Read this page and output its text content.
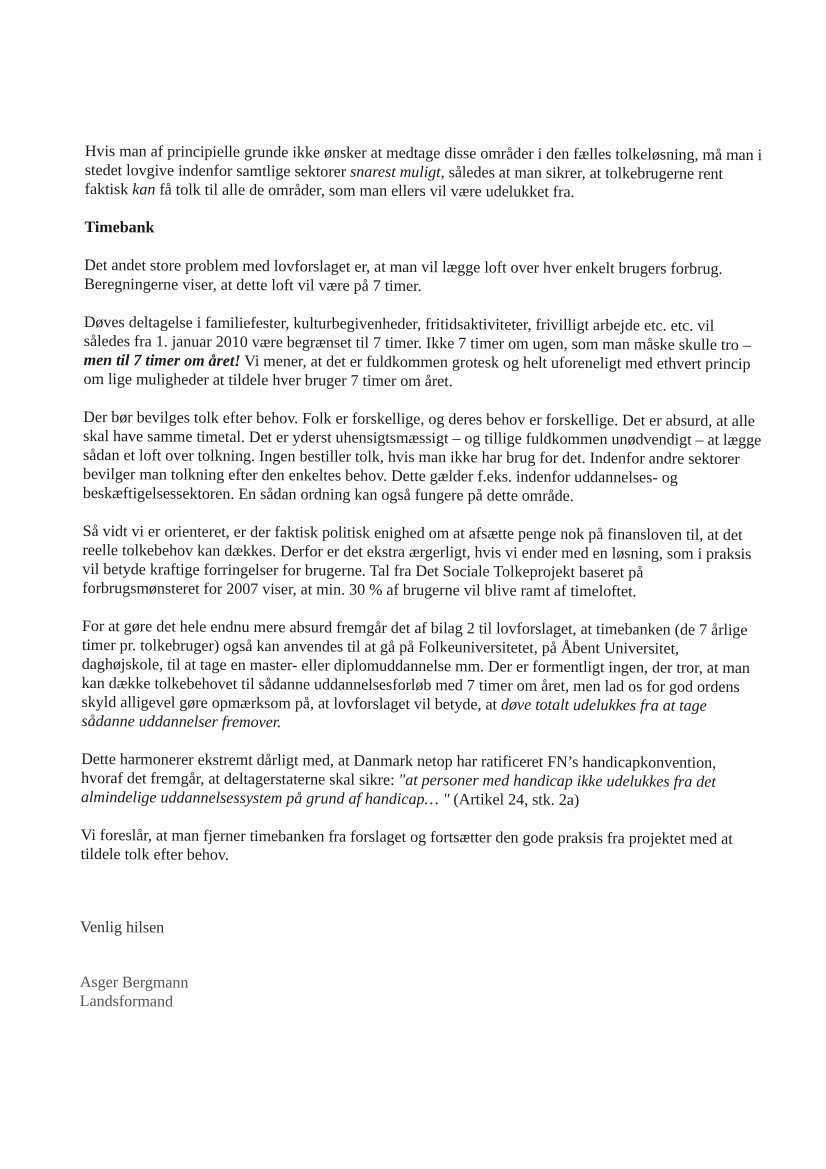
Hvis man af principielle grunde ikke ønsker at medtage disse områder i den fælles tolkeløsning, må man i stedet lovgive indenfor samtlige sektorer snarest muligt, således at man sikrer, at tolkebrugerne rent faktisk kan få tolk til alle de områder, som man ellers vil være udelukket fra.

Timebank

Det andet store problem med lovforslaget er, at man vil lægge loft over hver enkelt brugers forbrug. Beregningerne viser, at dette loft vil være på 7 timer.

Døves deltagelse i familiefester, kulturbegivenheder, fritidsaktiviteter, frivilligt arbejde etc. etc. vil således fra 1. januar 2010 være begrænset til 7 timer. Ikke 7 timer om ugen, som man måske skulle tro – men til 7 timer om året! Vi mener, at det er fuldkommen grotesk og helt uforeneligt med ethvert princip om lige muligheder at tildele hver bruger 7 timer om året.

Der bør bevilges tolk efter behov. Folk er forskellige, og deres behov er forskellige. Det er absurd, at alle skal have samme timetal. Det er yderst uhensigtsmæssigt – og tillige fuldkommen unødvendigt – at lægge sådan et loft over tolkning. Ingen bestiller tolk, hvis man ikke har brug for det. Indenfor andre sektorer bevilger man tolkning efter den enkeltes behov. Dette gælder f.eks. indenfor uddannelses- og beskæftigelsessektoren. En sådan ordning kan også fungere på dette område.

Så vidt vi er orienteret, er der faktisk politisk enighed om at afsætte penge nok på finansloven til, at det reelle tolkebehov kan dækkes. Derfor er det ekstra ærgerligt, hvis vi ender med en løsning, som i praksis vil betyde kraftige forringelser for brugerne. Tal fra Det Sociale Tolkeprojekt baseret på forbrugsmønsteret for 2007 viser, at min. 30 % af brugerne vil blive ramt af timeloftet.

For at gøre det hele endnu mere absurd fremgår det af bilag 2 til lovforslaget, at timebanken (de 7 årlige timer pr. tolkebruger) også kan anvendes til at gå på Folkeuniversitetet, på Åbent Universitet, daghøjskole, til at tage en master- eller diplomuddannelse mm. Der er formentligt ingen, der tror, at man kan dække tolkebehovet til sådanne uddannelsesforløb med 7 timer om året, men lad os for god ordens skyld alligevel gøre opmærksom på, at lovforslaget vil betyde, at døve totalt udelukkes fra at tage sådanne uddannelser fremover.

Dette harmonerer ekstremt dårligt med, at Danmark netop har ratificeret FN’s handicapkonvention, hvoraf det fremgår, at deltagerstaterne skal sikre: "at personer med handicap ikke udelukkes fra det almindelige uddannelsessystem på grund af handicap… " (Artikel 24, stk. 2a)

Vi foreslår, at man fjerner timebanken fra forslaget og fortsætter den gode praksis fra projektet med at tildele tolk efter behov.

Venlig hilsen

Asger Bergmann

Landsformand
